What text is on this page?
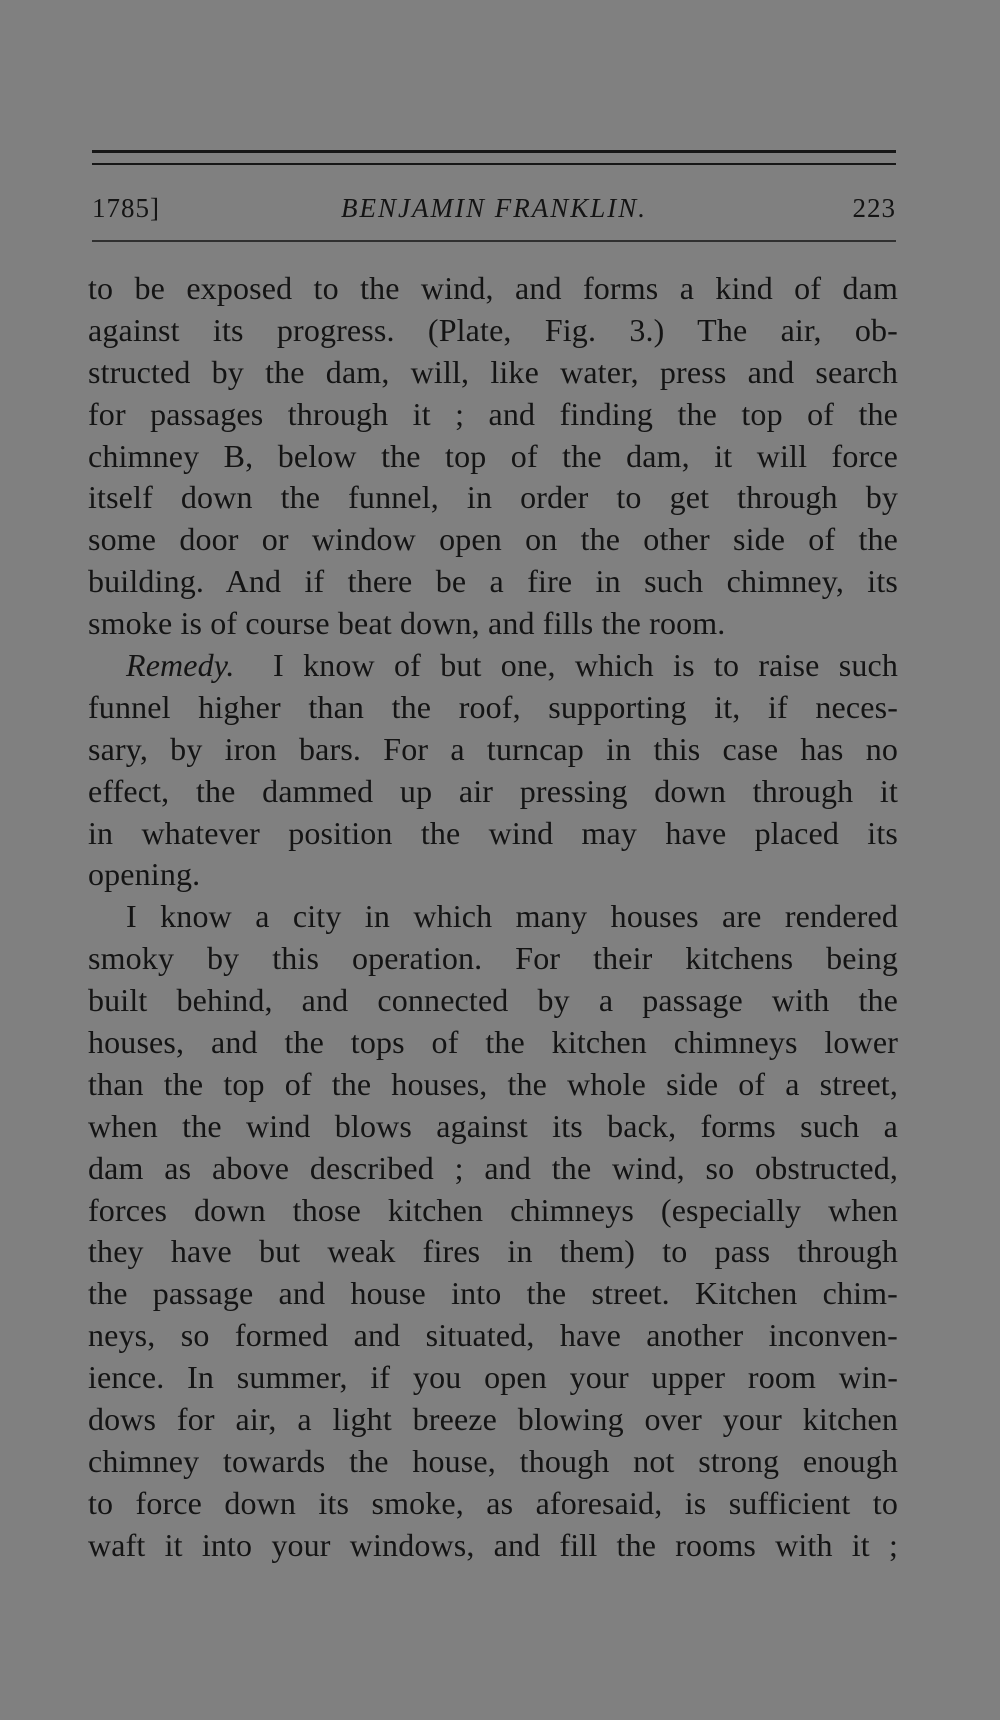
1785]	BENJAMIN FRANKLIN.	223
to be exposed to the wind, and forms a kind of dam
against its progress. (Plate, Fig. 3.) The air, ob-
structed by the dam, will, like water, press and search
for passages through it ; and finding the top of the
chimney B, below the top of the dam, it will force
itself down the funnel, in order to get through by
some door or window open on the other side of the
building. And if there be a fire in such chimney, its
smoke is of course beat down, and fills the room.
Remedy. I know of but one, which is to raise such
funnel higher than the roof, supporting it, if neces-
sary, by iron bars. For a turncap in this case has no
effect, the dammed up air pressing down through it
in whatever position the wind may have placed its
opening.
I know a city in which many houses are rendered
smoky by this operation. For their kitchens being
built behind, and connected by a passage with the
houses, and the tops of the kitchen chimneys lower
than the top of the houses, the whole side of a street,
when the wind blows against its back, forms such a
dam as above described ; and the wind, so obstructed,
forces down those kitchen chimneys (especially when
they have but weak fires in them) to pass through
the passage and house into the street. Kitchen chim-
neys, so formed and situated, have another inconven-
ience. In summer, if you open your upper room win-
dows for air, a light breeze blowing over your kitchen
chimney towards the house, though not strong enough
to force down its smoke, as aforesaid, is sufficient to
waft it into your windows, and fill the rooms with it ;
